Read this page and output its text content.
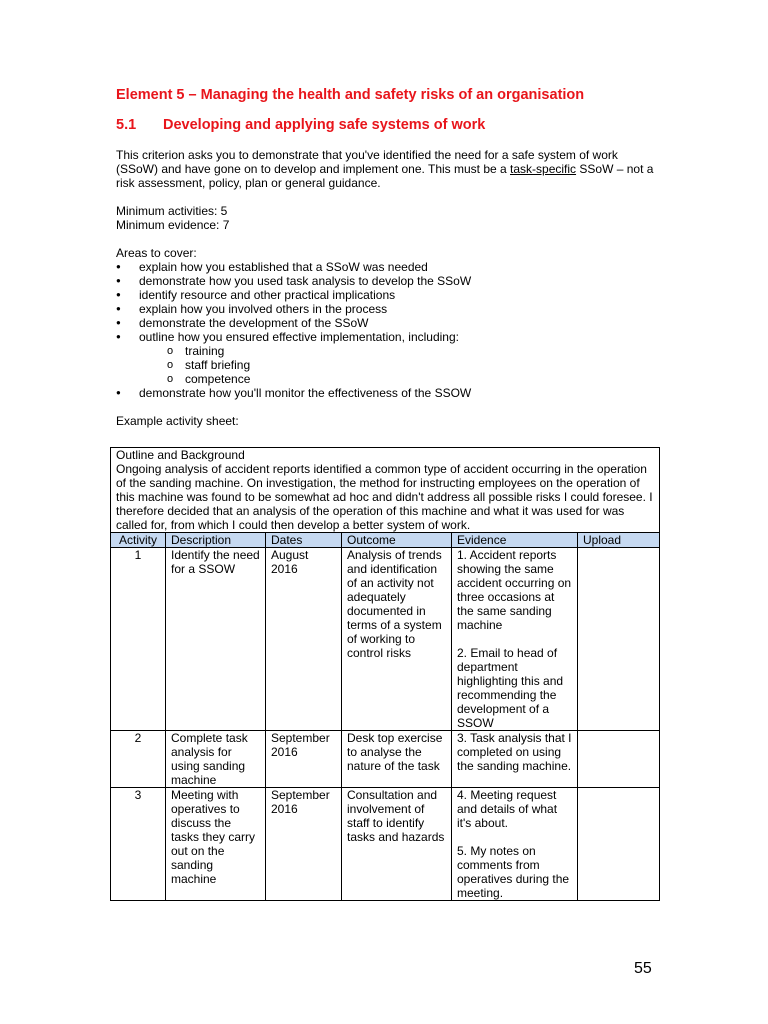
Element 5 – Managing the health and safety risks of an organisation
5.1	Developing and applying safe systems of work

This criterion asks you to demonstrate that you've identified the need for a safe system of work (SSoW) and have gone on to develop and implement one. This must be a task-specific SSoW – not a risk assessment, policy, plan or general guidance.

Minimum activities: 5

Minimum evidence: 7

Areas to cover:

● explain how you established that a SSoW was needed
● demonstrate how you used task analysis to develop the SSoW
● identify resource and other practical implications
● explain how you involved others in the process
● demonstrate the development of the SSoW
● outline how you ensured effective implementation, including:
o training
o staff briefing
o competence
● demonstrate how you'll monitor the effectiveness of the SSOW

Example activity sheet:

Outline and Background
Ongoing analysis of accident reports identified a common type of accident occurring in the operation of the sanding machine. On investigation, the method for instructing employees on the operation of this machine was found to be somewhat ad hoc and didn't address all possible risks I could foresee. I therefore decided that an analysis of the operation of this machine and what it was used for was called for, from which I could then develop a better system of work.					

Activity	Description	Dates	Outcome	Evidence	Upload
1	Identify the need for a SSOW	August 2016	Analysis of trends and identification of an activity not adequately documented in terms of a system of working to control risks	1. Accident reports showing the same accident occurring on three occasions at the same sanding machine
2. Email to head of department highlighting this and recommending the development of a SSOW	

2	Complete task analysis for using sanding machine	September 2016	Desk top exercise to analyse the nature of the task	3. Task analysis that I completed on using the sanding machine.	

3	Meeting with operatives to discuss the tasks they carry out on the sanding machine	September 2016	Consultation and involvement of staff to identify tasks and hazards	4. Meeting request and details of what it's about.
5. My notes on comments from operatives during the meeting.	

55
